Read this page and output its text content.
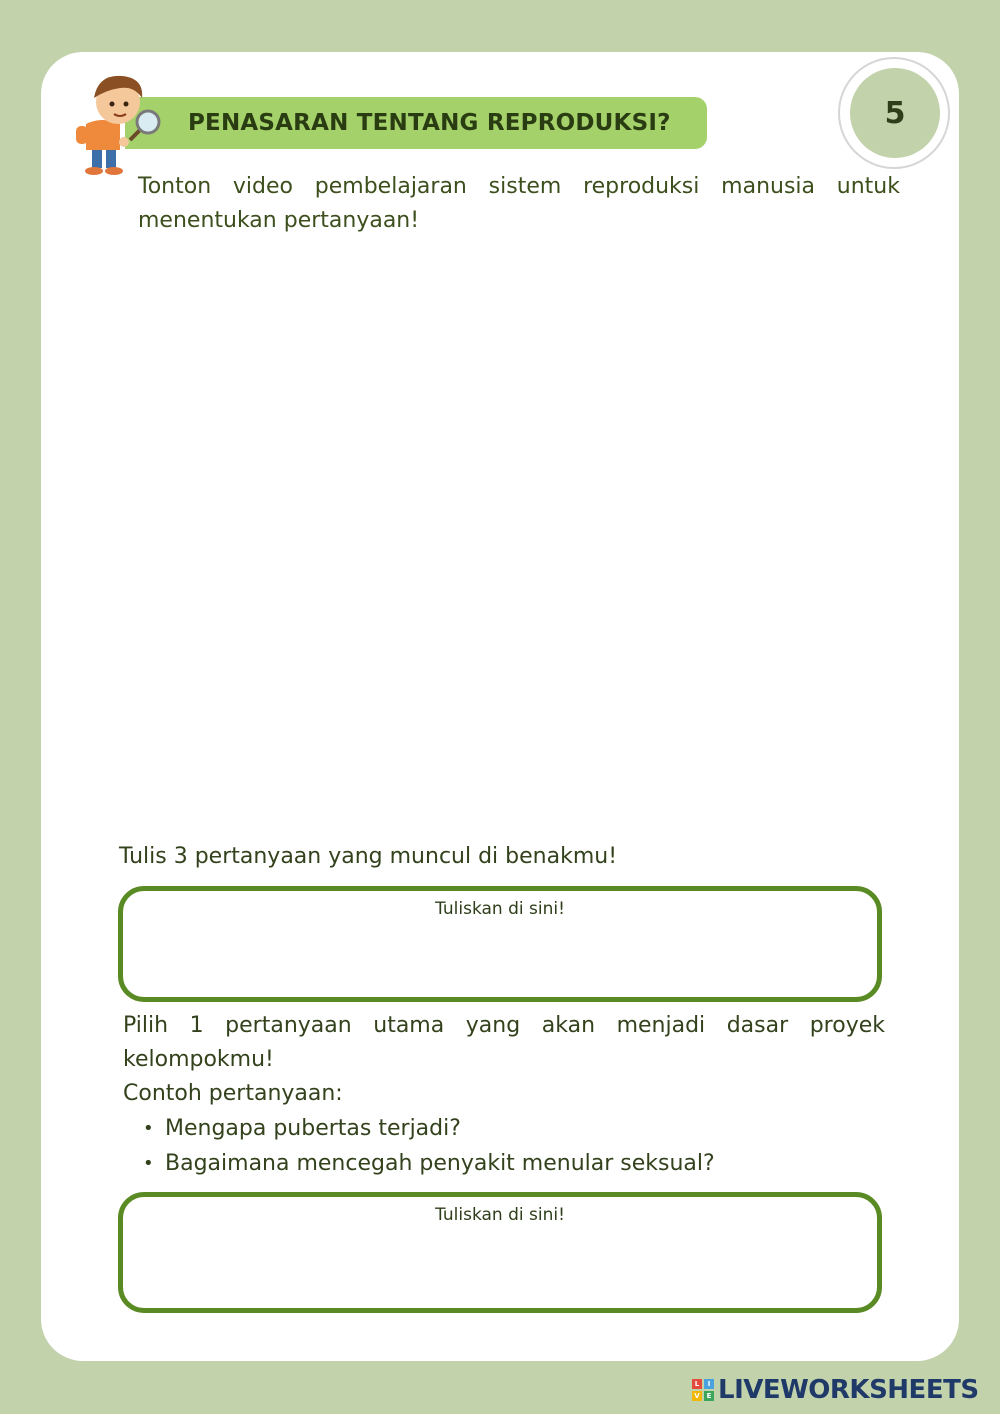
PENASARAN TENTANG REPRODUKSI?	5

Tonton video pembelajaran sistem reproduksi manusia untuk menentukan pertanyaan!

Tulis 3 pertanyaan yang muncul di benakmu!

Tuliskan di sini!

Pilih 1 pertanyaan utama yang akan menjadi dasar proyek kelompokmu!

Contoh pertanyaan:
• Mengapa pubertas terjadi?
• Bagaimana mencegah penyakit menular seksual?
Tuliskan di sini!
L	I
V E LIVEWORKSHEETS
